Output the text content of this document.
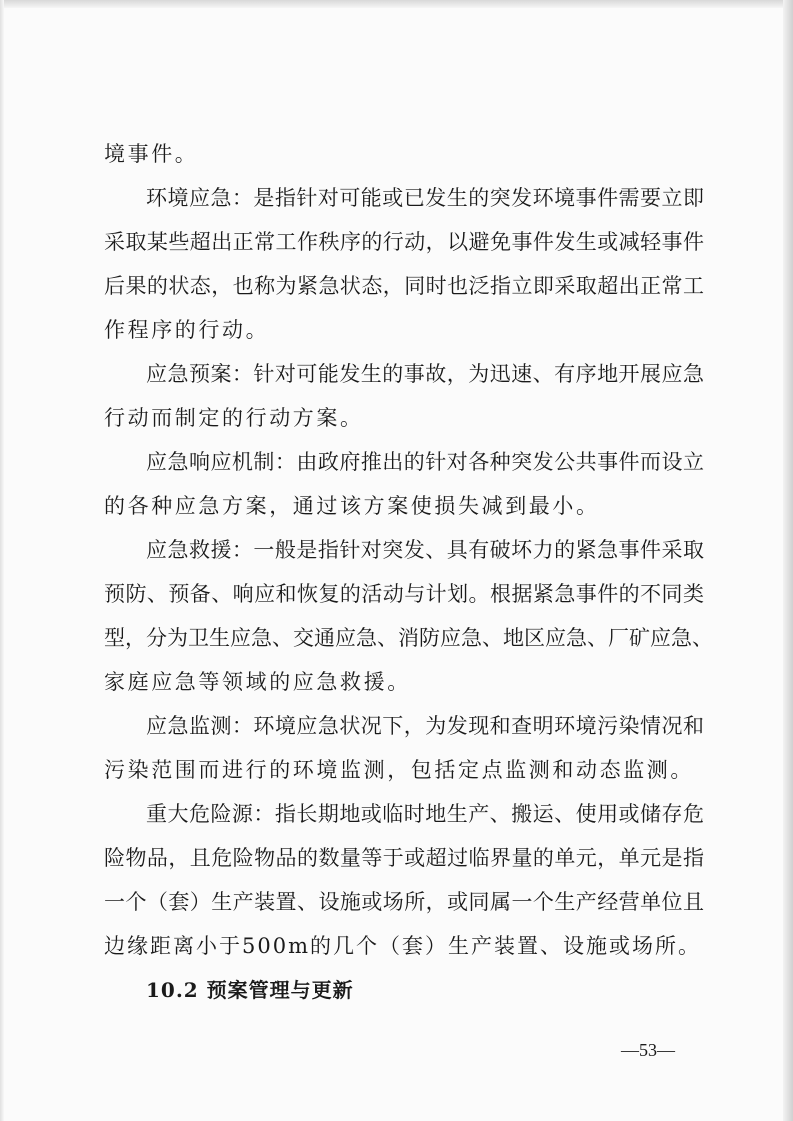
境事件。
环境应急：是指针对可能或已发生的突发环境事件需要立即
采取某些超出正常工作秩序的行动，以避免事件发生或减轻事件
后果的状态，也称为紧急状态，同时也泛指立即采取超出正常工
作程序的行动。
应急预案：针对可能发生的事故，为迅速、有序地开展应急
行动而制定的行动方案。
应急响应机制：由政府推出的针对各种突发公共事件而设立
的各种应急方案，通过该方案使损失减到最小。
应急救援：一般是指针对突发、具有破坏力的紧急事件采取
预防、预备、响应和恢复的活动与计划。根据紧急事件的不同类
型，分为卫生应急、交通应急、消防应急、地区应急、厂矿应急、
家庭应急等领域的应急救援。
应急监测：环境应急状况下，为发现和查明环境污染情况和
污染范围而进行的环境监测，包括定点监测和动态监测。
重大危险源：指长期地或临时地生产、搬运、使用或储存危
险物品，且危险物品的数量等于或超过临界量的单元，单元是指
一个（套）生产装置、设施或场所，或同属一个生产经营单位且
边缘距离小于500m的几个（套）生产装置、设施或场所。
10.2 预案管理与更新
—53—
